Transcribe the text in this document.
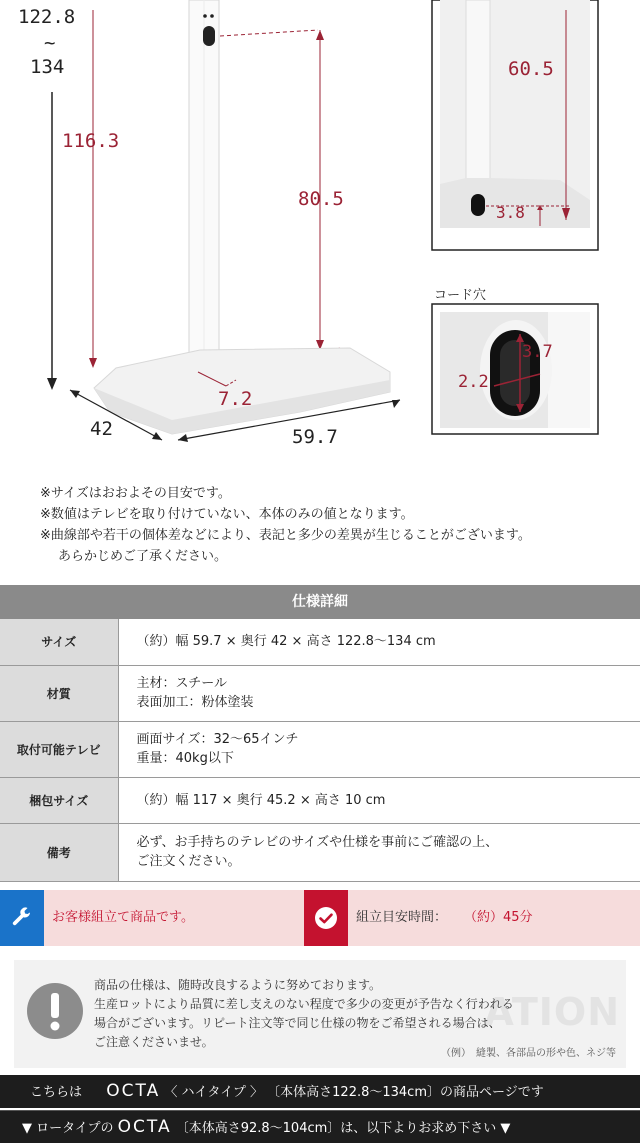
122.8
~
134
116.3
80.5
7.2
42	59.7
60.5
3.8
コード穴
3.7
2.2

※サイズはおおよその目安です。

※数値はテレビを取り付けていない、本体のみの値となります。

※曲線部や若干の個体差などにより、表記と多少の差異が生じることがございます。

あらかじめご了承ください。

仕様詳細
サイズ	（約）幅 59.7 × 奥行 42 × 高さ 122.8〜134 cm

材質	主材：スチール
表面加工：粉体塗装

取付可能テレビ	画面サイズ：32〜65インチ
重量：40kg以下

梱包サイズ	（約）幅 117 × 奥行 45.2 × 高さ 10 cm

備考	必ず、お手持ちのテレビのサイズや仕様を事前にご確認の上、
ご注文ください。
お客様組立て商品です。	組立目安時間： （約）45分
ATION

商品の仕様は、随時改良するように努めております。

生産ロットにより品質に差し支えのない程度で多少の変更が予告なく行われる

場合がございます。リピート注文等で同じ仕様の物をご希望される場合は、

ご注意くださいませ。

（例）　縫製、各部品の形や色、ネジ等
こちらは OCTA 〈 ハイタイプ 〉 〔本体高さ122.8〜134cm〕の商品ページです
▼ ロータイプの OCTA 〔本体高さ92.8〜104cm〕は、以下よりお求め下さい ▼
